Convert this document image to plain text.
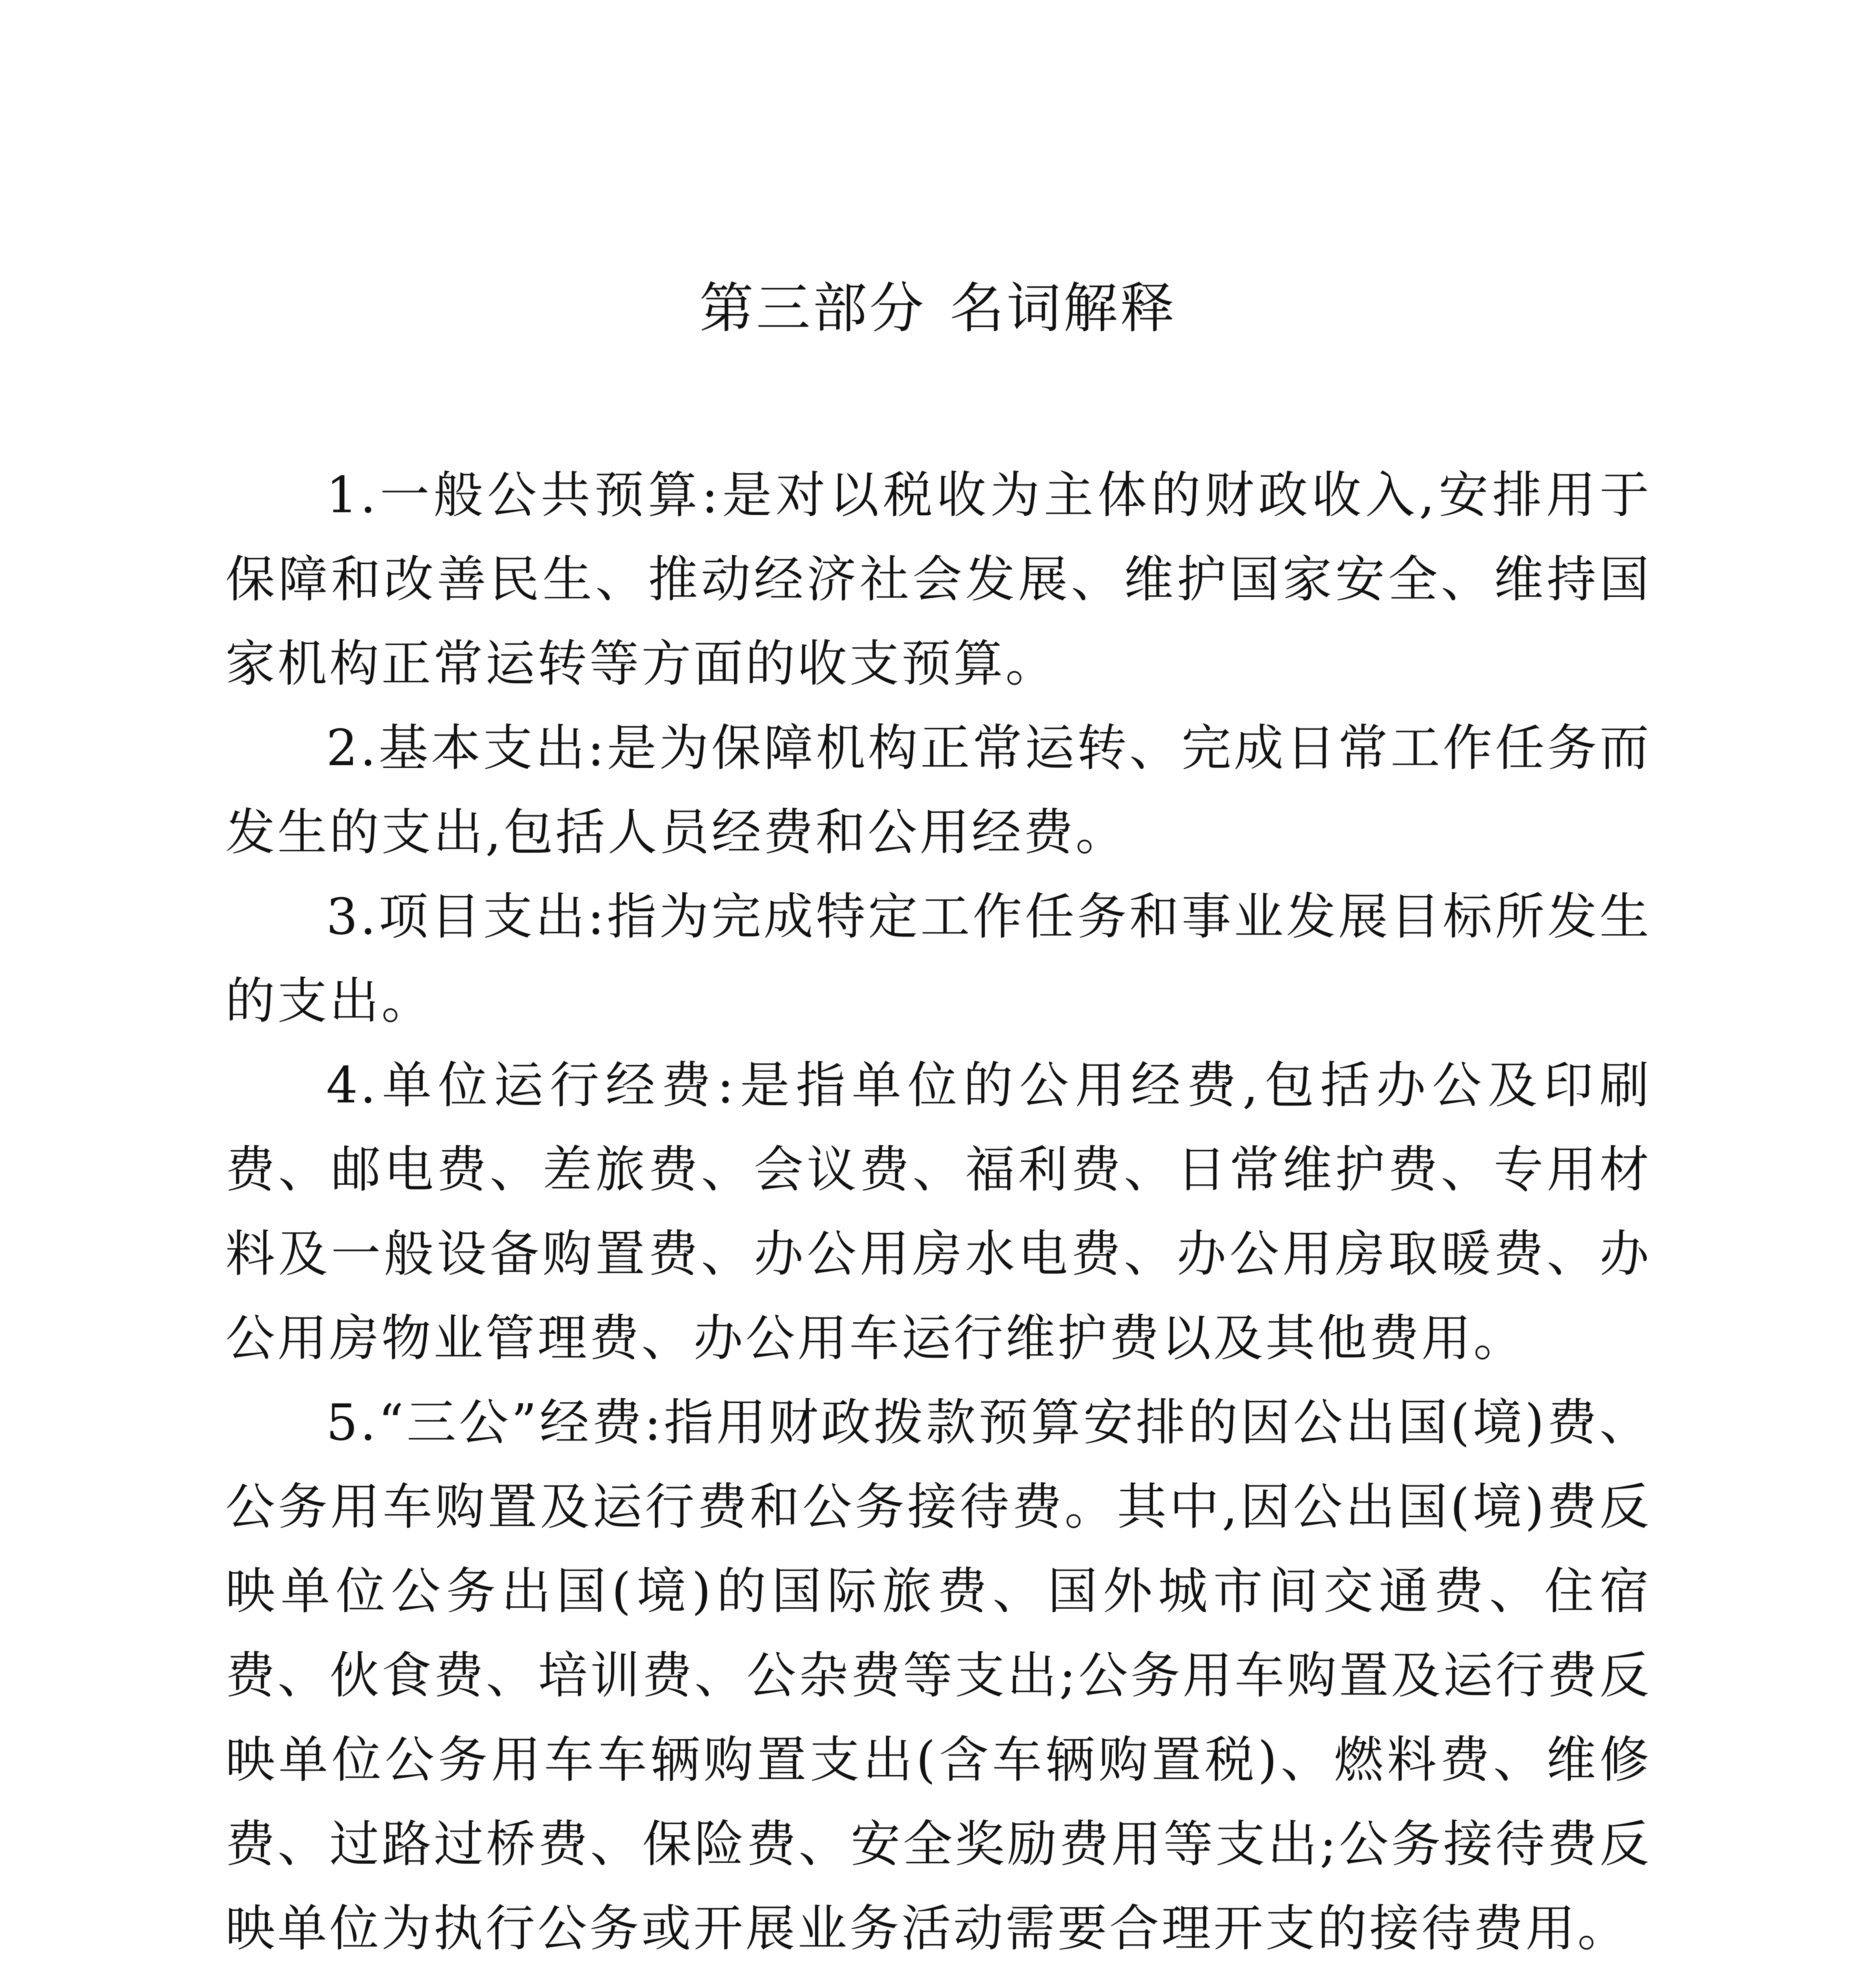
第三部分 名词解释

1.一般公共预算:是对以税收为主体的财政收入,安排用于保障和改善民生、推动经济社会发展、维护国家安全、维持国家机构正常运转等方面的收支预算。

2.基本支出:是为保障机构正常运转、完成日常工作任务而发生的支出,包括人员经费和公用经费。

3.项目支出:指为完成特定工作任务和事业发展目标所发生的支出。

4.单位运行经费:是指单位的公用经费,包括办公及印刷费、邮电费、差旅费、会议费、福利费、日常维护费、专用材料及一般设备购置费、办公用房水电费、办公用房取暖费、办公用房物业管理费、办公用车运行维护费以及其他费用。

5.“三公”经费:指用财政拨款预算安排的因公出国(境)费、公务用车购置及运行费和公务接待费。其中,因公出国(境)费反映单位公务出国(境)的国际旅费、国外城市间交通费、住宿费、伙食费、培训费、公杂费等支出;公务用车购置及运行费反映单位公务用车车辆购置支出(含车辆购置税)、燃料费、维修费、过路过桥费、保险费、安全奖励费用等支出;公务接待费反映单位为执行公务或开展业务活动需要合理开支的接待费用。
